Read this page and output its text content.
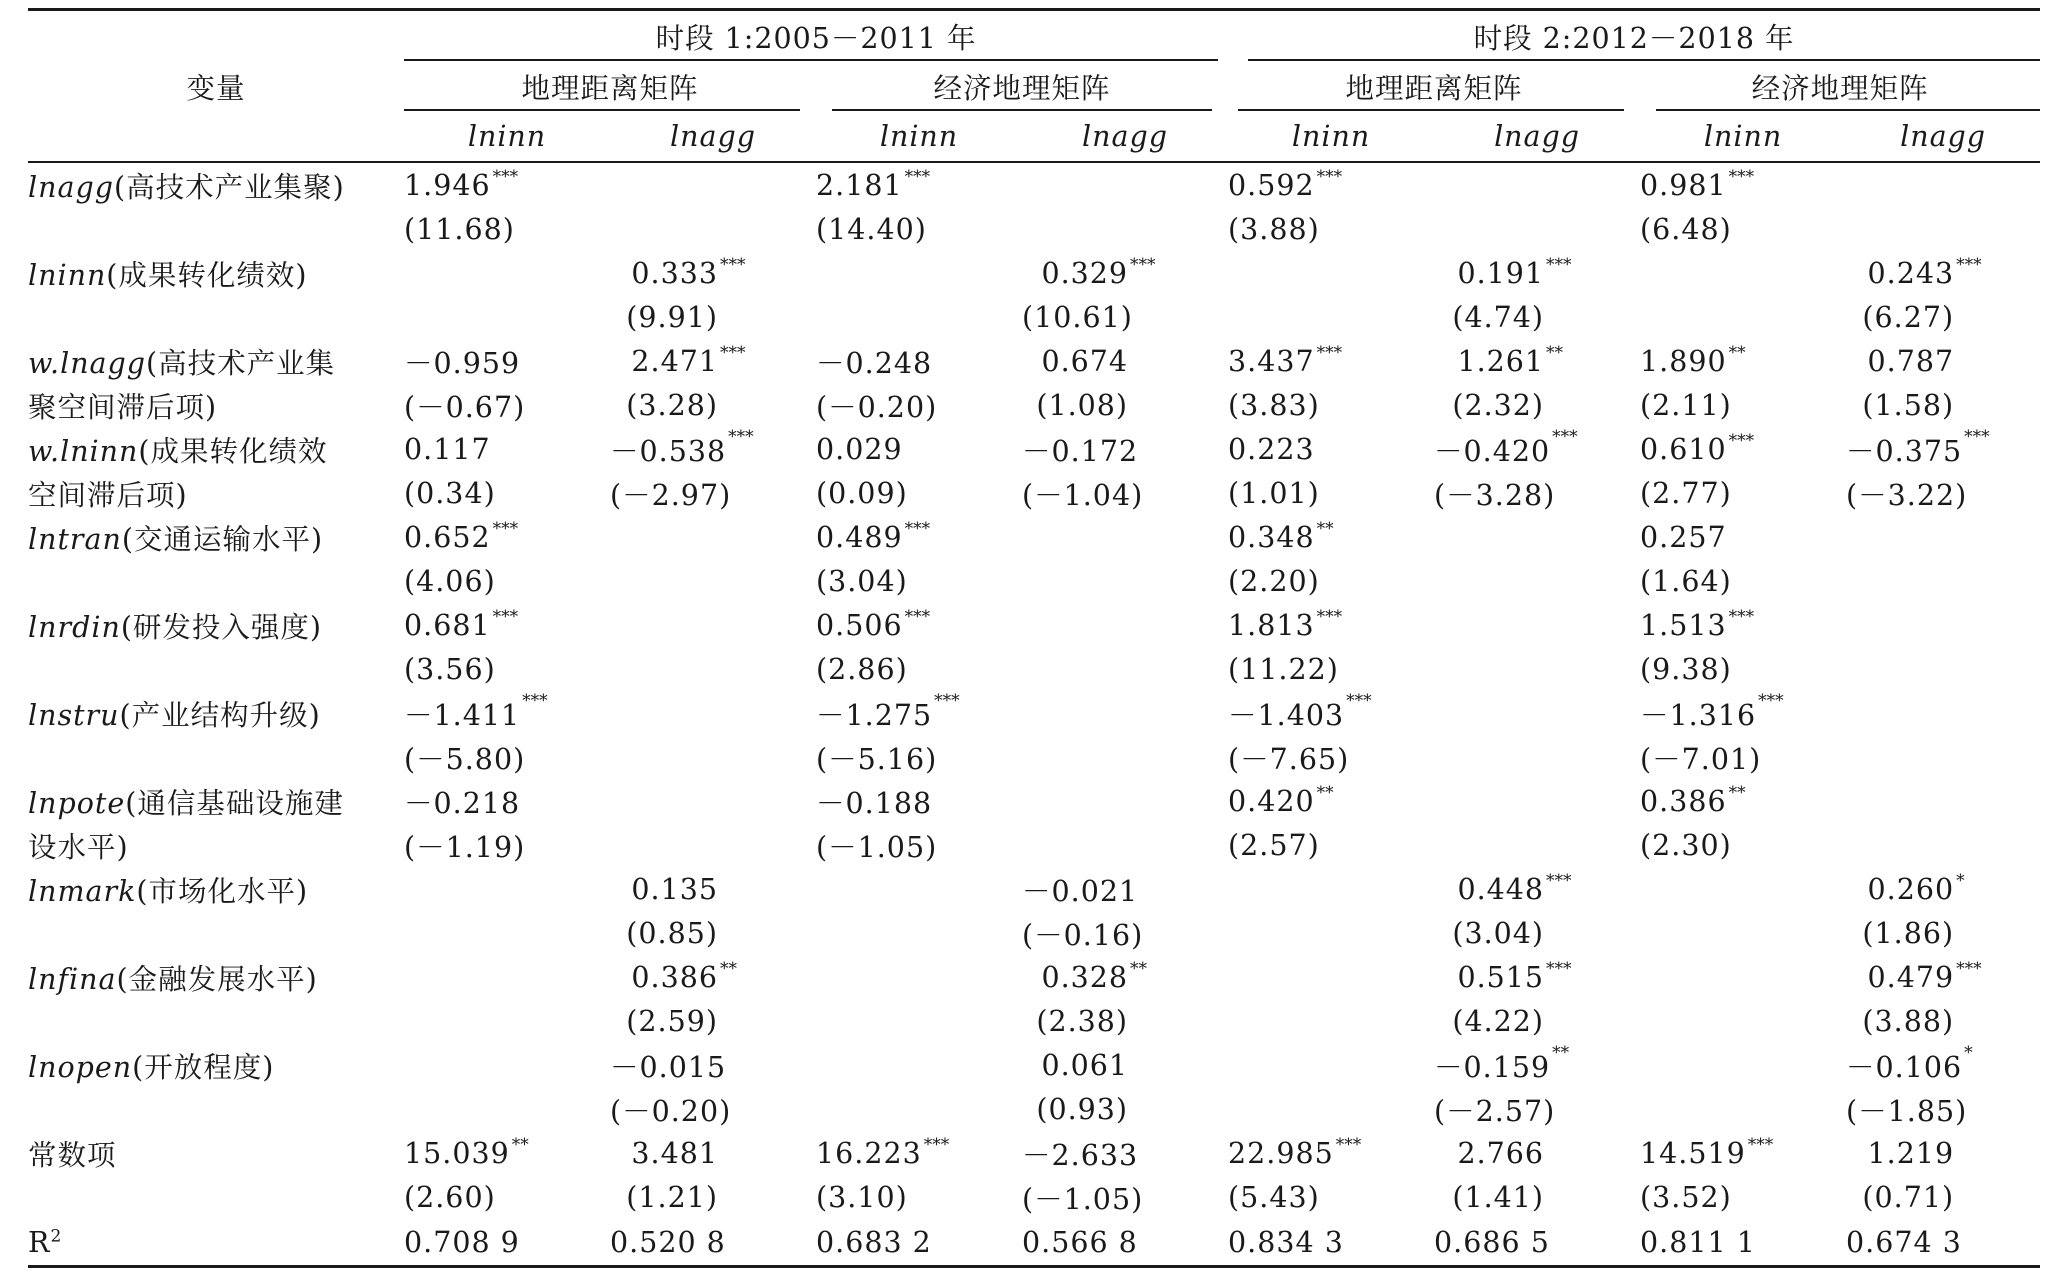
变量	时段 1:2005－2011 年				时段 2:2012－2018 年			
	地理距离矩阵		经济地理矩阵		地理距离矩阵		经济地理矩阵	
	lninn	lnagg	lninn	lnagg	lninn	lnagg	lninn	lnagg
lnagg(高技术产业集聚)	1.946 ***		2.181 ***		0.592 ***		0.981 ***	

	(11.68)		(14.40)		(3.88)		(6.48)	
lninn(成果转化绩效)		0.333 ***		0.329 ***		0.191 ***		0.243 ***

		(9.91)		(10.61)		(4.74)		(6.27)
w.lnagg(高技术产业集	－0.959	2.471 ***	－0.248	0.674	3.437 ***	1.261 **	1.890 **	0.787

聚空间滞后项)	(－0.67)	(3.28)	(－0.20)	(1.08)	(3.83)	(2.32)	(2.11)	(1.58)
w.lninn(成果转化绩效	0.117	－0.538 ***	0.029	－0.172	0.223	－0.420 ***	0.610 ***	－0.375 ***

空间滞后项)	(0.34)	(－2.97)	(0.09)	(－1.04)	(1.01)	(－3.28)	(2.77)	(－3.22)
lntran(交通运输水平)	0.652 ***		0.489 ***		0.348 **		0.257

	(4.06)		(3.04)		(2.20)		(1.64)	
lnrdin(研发投入强度)	0.681 ***		0.506 ***		1.813 ***		1.513 ***	

	(3.56)		(2.86)		(11.22)		(9.38)	
lnstru(产业结构升级)	－1.411 ***		－1.275 ***		－1.403 ***		－1.316 ***	

	(－5.80)		(－5.16)		(－7.65)		(－7.01)	
lnpote(通信基础设施建	－0.218		－0.188		0.420 **		0.386 **	

设水平)	(－1.19)		(－1.05)		(2.57)		(2.30)	
lnmark(市场化水平)		0.135		－0.021		0.448 ***		0.260 *

		(0.85)		(－0.16)		(3.04)		(1.86)
lnfina(金融发展水平)		0.386 **		0.328 **		0.515 ***		0.479 ***

		(2.59)		(2.38)		(4.22)		(3.88)
lnopen(开放程度)		－0.015		0.061		－0.159 **		－0.106 *

		(－0.20)		(0.93)		(－2.57)		(－1.85)
常数项	15.039 **	3.481	16.223 ***	－2.633	22.985 ***	2.766	14.519 ***	1.219

	(2.60)	(1.21)	(3.10)	(－1.05)	(5.43)	(1.41)	(3.52)	(0.71)
$R^2$	0.708 9	0.520 8	0.683 2	0.566 8	0.834 3	0.686 5	0.811 1	0.674 3
